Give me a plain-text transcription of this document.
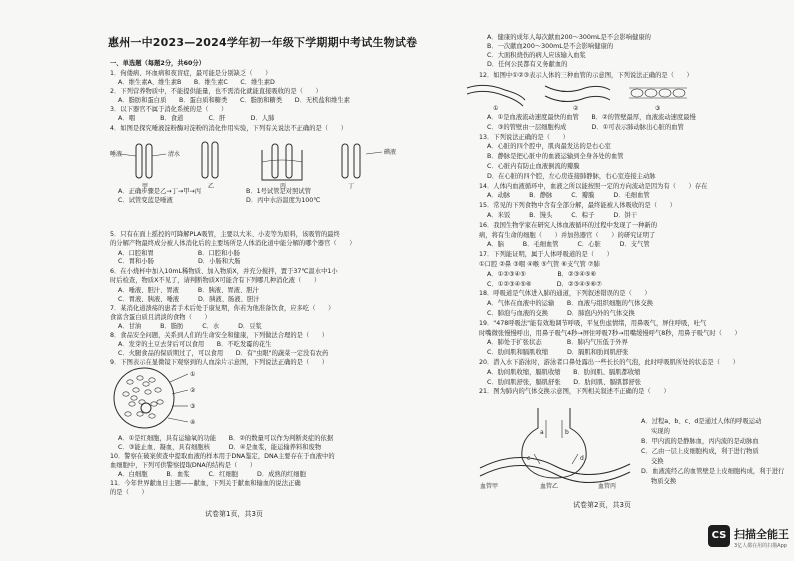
惠州一中2023—2024学年初一年级下学期期中考试生物试卷
一、单选题（每题2分，共60分）
1．佝偻病、坏血病和夜盲症，最可能是分别缺乏（　　）
A．维生素A、维生素B　　B．维生素C　　C．维生素D
2．下列营养物质中，不能提供能量，也不需消化就能直接吸收的是（　　）
A．脂肪和蛋白质　　B．蛋白质和糖类　　C．脂肪和糖类　　D．无机盐和维生素
3．以下器官不属于消化系统的是（　　）
A．咽　　　　B．食道　　　　C．肝　　　　D．人肺
4．如图是探究唾液淀粉酶对淀粉的消化作用实验，下列有关说法不正确的是（　　）
A．正确步骤是乙→丁→甲→丙	B．1号试管是对照试管
C．试管变蓝是唾液	D．丙中水浴温度为100℃
5．只有在面上摇控的可降解PLA吸管，主要以大米、小麦等为原料，该吸管的最终
的分解产物最终成分被人体消化后的主要场所是人体消化道中能分解的哪个器官（　　）
A．口腔和胃　　　　　　　B．口腔和小肠
C．胃和小肠　　　　　　　D．小肠和大肠
6．在小烧杯中加入10mL稀物质、加入物质X，并充分搅拌，置于37℃温水中1小
时后检查，物质X不见了，请判断物质X可能含有下列哪几种消化液（　　）
A．唾液、胆汁、胃液　　　B．胰液、胃液、胆汁
C．胃液、胰液、唾液　　　D．胰液、肠液、胆汁
7．某消化道溃疡的患者手术后处于康复期，你若为他准备饮食，应多吃（　　）
食富含蛋白质且清淡的食物（　　）
A．甘油　　　B．脂肪　　　C．水　　　D．豆浆
8．食品安全问题，关系到人们的生命安全和健康，下列做法合理的是（　　）
A．发芽的土豆去芽后可以食用　　B．不吃发霉的花生
C．火腿食品的保质期过了，可以食用　　D．有"虫眼"的蔬菜一定没有农药
9．下图表示在显微镜下观察到的人血涂片示意图，下列说法正确的是（　　）
A．①是红细胞，具有运输氧的功能　　B．②的数量可以作为判断炎症的依据
C．③能止血、凝血，具有细胞核　　　D．④是血浆，能运输养料和废物
10．警察在破案侦查中提取血液的样本用于DNA鉴定，DNA主要存在于血液中的
血细胞中，下列可供警察提取DNA的结构是（　　）
A．白细胞　　　B．血浆　　　C．红细胞　　　D．成熟的红细胞
11．今年世界献血日主题——献血，下列关于献血和输血的说法正确
的是（　　）
唾液	清水
甲	乙	丙	丁
碘液
①
②
③
④
试卷第1页，共3页
A．健康的成年人每次献血200～300mL是不会影响健康的
B．一次献血200～300mL是不会影响健康的
C．大面积烧伤的病人应该输入血浆
D．任何公民都有义务献血的
12．如图中①②③表示人体的三种血管的示意图，下列说法正确的是（　　）
A．①是血液流动速度最快的血管　　B．②的管壁最厚，血液流动速度最慢
C．③的管壁由一层细胞构成　　　　D．①可表示肺动脉出心脏的血管
13．下列说法正确的是（　　）
A．心脏的四个腔中，肌肉最发达的是右心室
B．静脉是把心脏中的血液运输到全身各处的血管
C．心脏内有防止血液倒流的瓣膜
D．在心脏的四个腔，左心房连接肺静脉，右心室连接主动脉
14．人体内血液循环中，血液之所以能按照一定的方向流动是因为有（　　）存在
A．动脉　　　B．静脉　　　C．瓣膜　　　D．毛细血管
15．常见的下列食物中含有全部分解，最终能被人体吸收的是（　　）
A．米饭　　　B．馒头　　　C．粽子　　　D．饼干
16．我国生物学家在研究人体血液循环的过程中发现了一种新的
病，将有生命的细胞（　　）并加热器官（　　）的研究证明了
A．脑　　　B．毛细血管　　　C．心脏　　　D．支气管
17．下列能证明，属于人体呼吸道的是（　　）
①口腔 ②鼻 ③咽 ④喉 ⑤气管 ⑥支气管 ⑦肺
A．①②③④⑤　　　　　B．②③④⑤⑥
C．①②③④⑤⑥　　　　D．②③④⑤⑥⑦
18．呼吸道是气体进入肺的通道，下列叙述错误的是（　　）
A．气体在血液中的运输　　B．血液与组织细胞的气体交换
C．肺泡与血液的交换　　　D．肺泡内外的气体交换
19．"478呼吸法"能有效地调节呼吸，平复焦虑情绪，用鼻吸气，屏住呼吸，吐气
时嘴微张慢慢呼出，用鼻子吸气4秒→屏住呼吸7秒→用嘴缓慢呼气8秒，用鼻子吸气时（　　）
A．肺处于扩张状态　　　　B．肺内气压低于外界
C．肋间肌和膈肌收缩　　　D．膈肌和肋间肌舒张
20．潜入水下游泳时，游泳者口鼻处露出一些长长的气泡，此时呼吸肌所处的状态是（　　）
A．肋间肌收缩，膈肌收缩　　B．肋间肌、膈肌都收缩
C．肋间肌舒张，膈肌舒张　　D．肋间肌、膈肌都舒张
21．图为肺内的气体交换示意图，下列相关叙述不正确的是（　　）
①	②	③
a	b
c	d
血管甲	血管乙	血管丙
A．过程a、b、c、d是通过人体的呼吸运动
实现的
B．甲内流的是静脉血，丙内流的是动脉血
C．乙由一层上皮细胞构成，利于进行物质
交换
D．血液流经乙的血管壁是上皮细胞构成，利于进行
物质交换
试卷第2页，共3页
CS 扫描全能王
3亿人都在用的扫描App
